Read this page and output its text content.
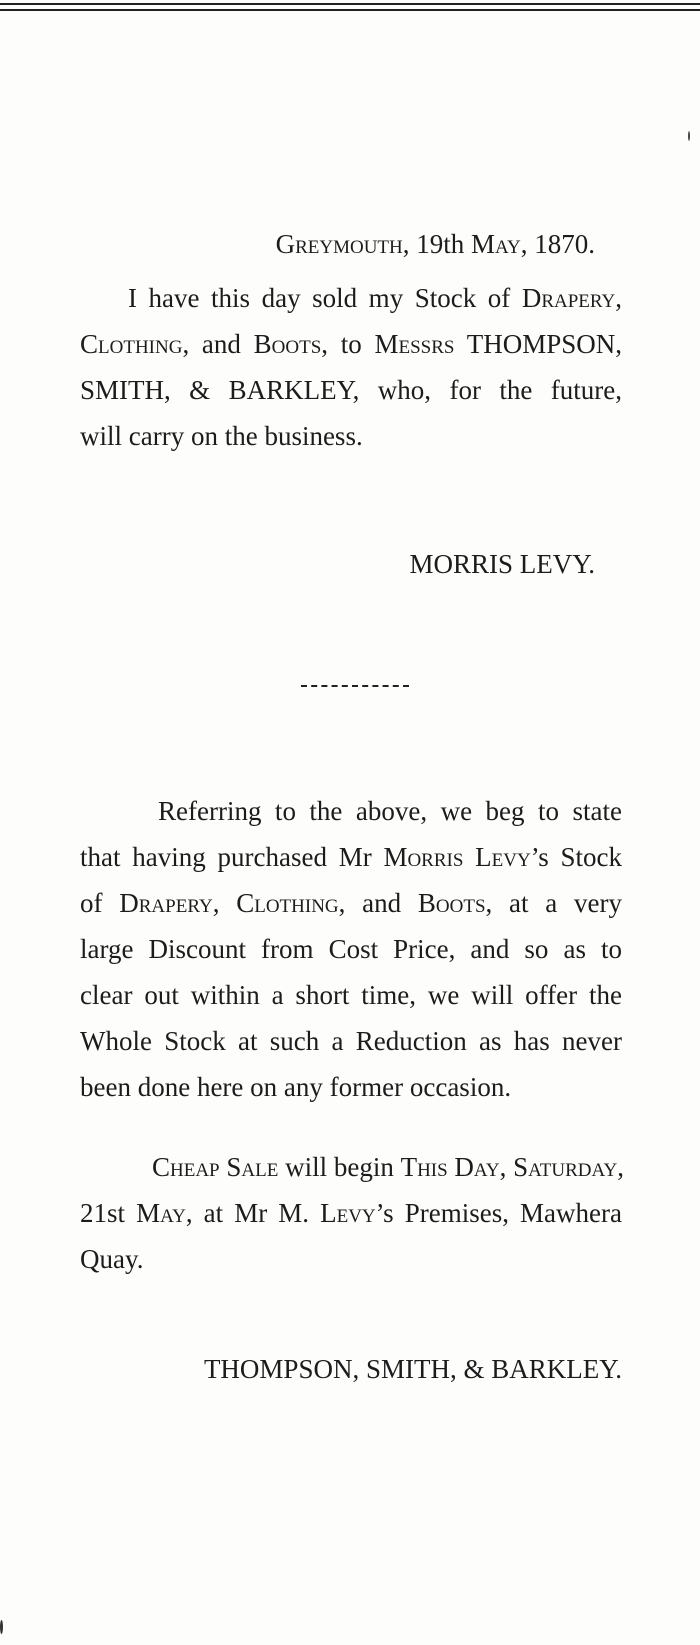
Greymouth, 19th May, 1870.
I have this day sold my Stock of Drapery,
Clothing, and Boots, to Messrs THOMPSON,
SMITH, & BARKLEY, who, for the future,
will carry on the business.
MORRIS LEVY.
Referring to the above, we beg to state
that having purchased Mr Morris Levy’s Stock
of Drapery, Clothing, and Boots, at a very
large Discount from Cost Price, and so as to
clear out within a short time, we will offer the
Whole Stock at such a Reduction as has never
been done here on any former occasion.
Cheap Sale will begin This Day, Saturday,
21st May, at Mr M. Levy’s Premises, Mawhera
Quay.
THOMPSON, SMITH, & BARKLEY.
